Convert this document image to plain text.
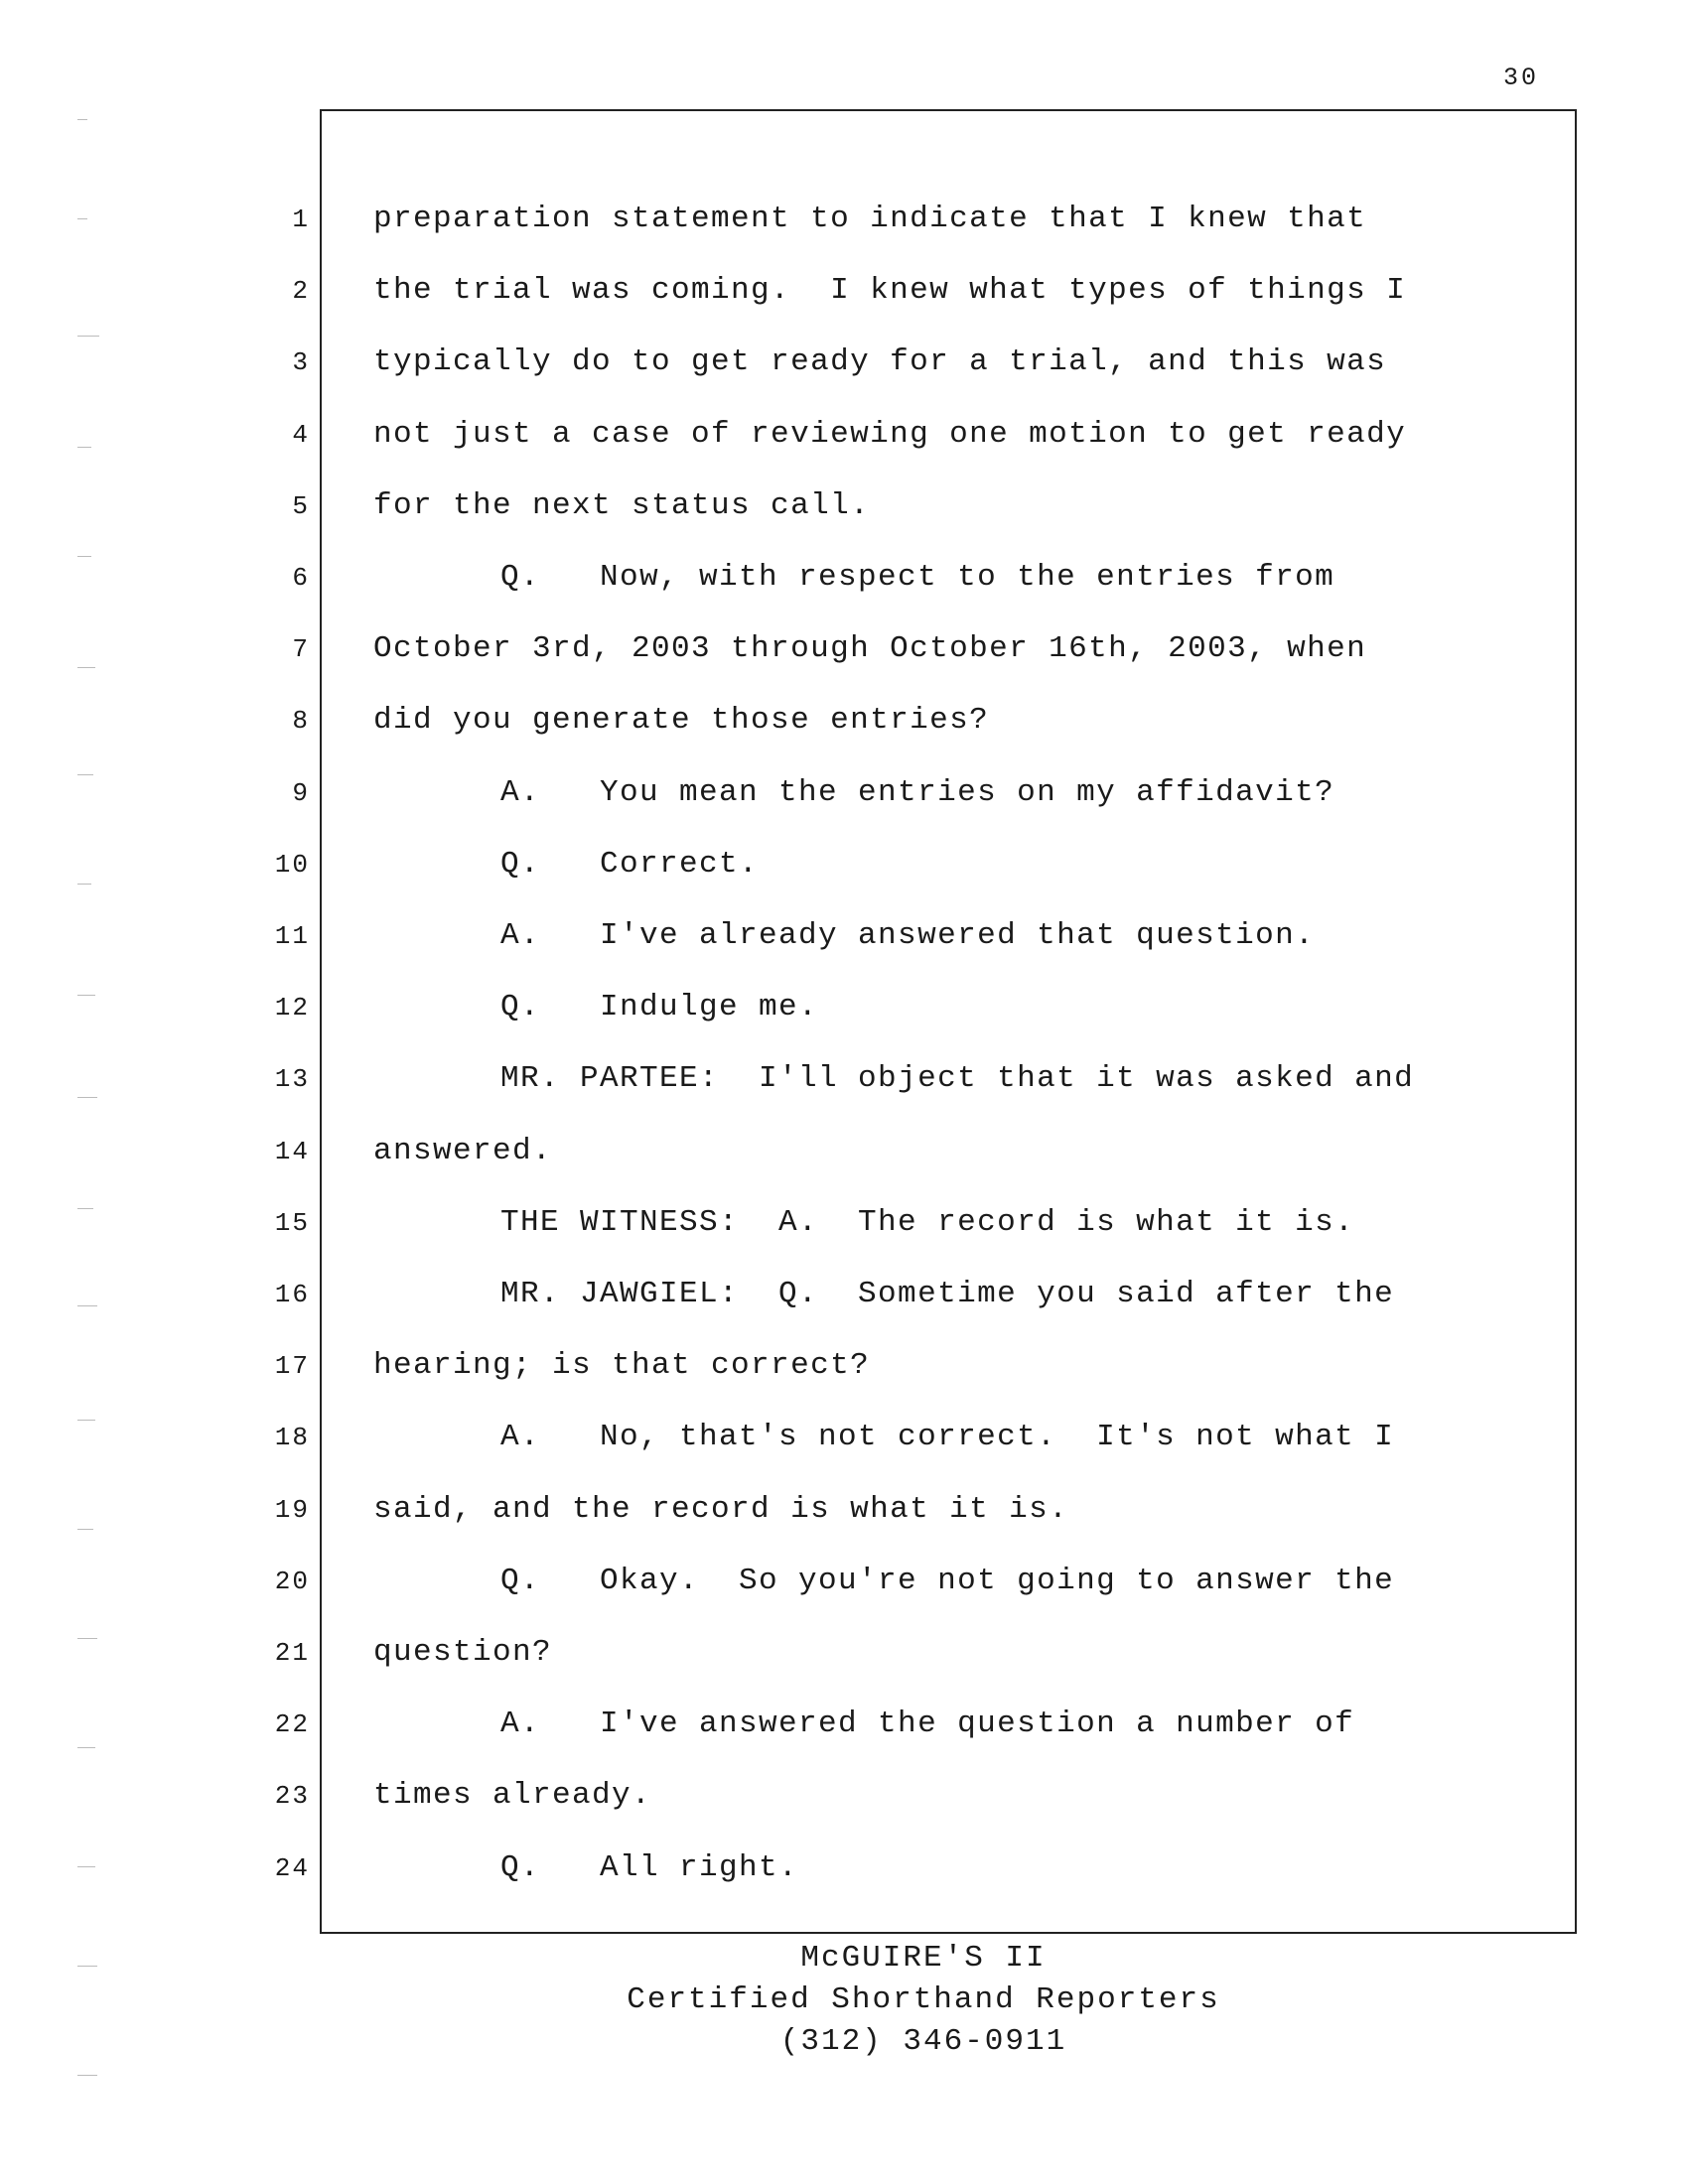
30
1 preparation statement to indicate that I knew that
2 the trial was coming.  I knew what types of things I
3 typically do to get ready for a trial, and this was
4 not just a case of reviewing one motion to get ready
5 for the next status call.
6	Q.   Now, with respect to the entries from
7 October 3rd, 2003 through October 16th, 2003, when
8 did you generate those entries?
9	A.   You mean the entries on my affidavit?
10	Q.   Correct.
11	A.   I've already answered that question.
12	Q.   Indulge me.
13	MR. PARTEE:  I'll object that it was asked and
14 answered.
15	THE WITNESS:  A.  The record is what it is.
16	MR. JAWGIEL:  Q.  Sometime you said after the
17 hearing; is that correct?
18	A.   No, that's not correct.  It's not what I
19 said, and the record is what it is.
20	Q.   Okay.  So you're not going to answer the
21 question?
22	A.   I've answered the question a number of
23 times already.
24	Q.   All right.
McGUIRE'S II
Certified Shorthand Reporters
(312) 346-0911
